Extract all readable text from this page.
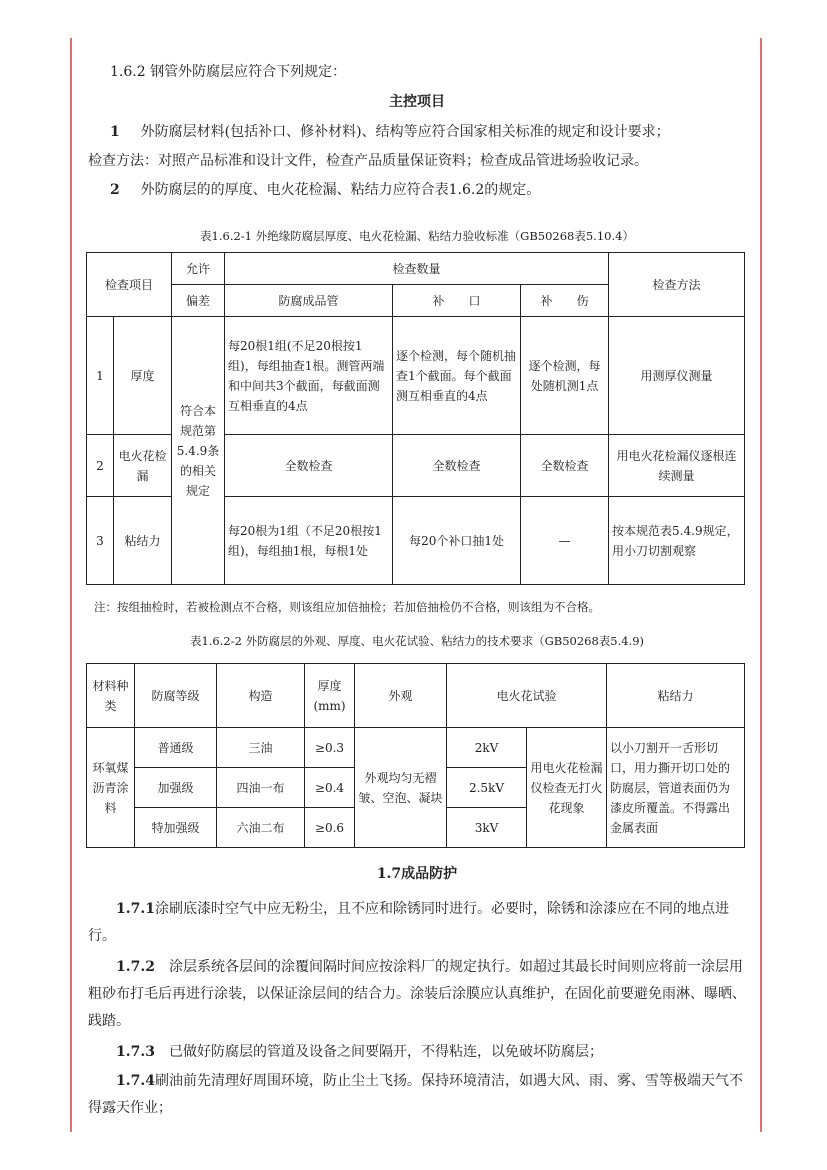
1.6.2 钢管外防腐层应符合下列规定：

主控项目

1 外防腐层材料(包括补口、修补材料)、结构等应符合国家相关标准的规定和设计要求；

检查方法：对照产品标准和设计文件，检查产品质量保证资料；检查成品管进场验收记录。

2 外防腐层的的厚度、电火花检漏、粘结力应符合表1.6.2的规定。

表1.6.2-1 外绝缘防腐层厚度、电火花检漏、粘结力验收标准（GB50268表5.10.4）

检查项目		允许	检查数量			检查方法
		偏差	防腐成品管	补　　口	补　　伤	
1	厚度	符合本规范第5.4.9条的相关规定	每20根1组(不足20根按1组)，每组抽查1根。测管两端和中间共3个截面，每截面测互相垂直的4点	逐个检测，每个随机抽查1个截面。每个截面测互相垂直的4点	逐个检测，每处随机测1点	用测厚仪测量
2	电火花检漏		全数检查	全数检查	全数检查	用电火花检漏仪逐根连续测量
3	粘结力		每20根为1组（不足20根按1组)，每组抽1根，每根1处	每20个补口抽1处	—	按本规范表5.4.9规定，用小刀切割观察

注：按组抽检时，若被检测点不合格，则该组应加倍抽检；若加倍抽检仍不合格，则该组为不合格。

表1.6.2-2 外防腐层的外观、厚度、电火花试验、粘结力的技术要求（GB50268表5.4.9)

材料种类	防腐等级	构造	厚度(mm)	外观	电火花试验	粘结力
环氧煤沥青涂料	普通级	三油	≥0.3	外观均匀无褶皱、空泡、凝块	2kV	用电火花检漏仪检查无打火花现象	以小刀割开一舌形切口，用力撕开切口处的防腐层，管道表面仍为漆皮所覆盖。不得露出金属表面
	加强级	四油一布	≥0.4		2.5kV		
	特加强级	六油二布	≥0.6		3kV		

1.7成品防护

1.7.1涂刷底漆时空气中应无粉尘，且不应和除锈同时进行。必要时，除锈和涂漆应在不同的地点进行。

1.7.2　涂层系统各层间的涂覆间隔时间应按涂料厂的规定执行。如超过其最长时间则应将前一涂层用粗砂布打毛后再进行涂装，以保证涂层间的结合力。涂装后涂膜应认真维护，在固化前要避免雨淋、曝晒、践踏。

1.7.3　已做好防腐层的管道及设备之间要隔开，不得粘连，以免破坏防腐层；

1.7.4刷油前先清理好周围环境，防止尘土飞扬。保持环境清洁，如遇大风、雨、雾、雪等极端天气不得露天作业；
